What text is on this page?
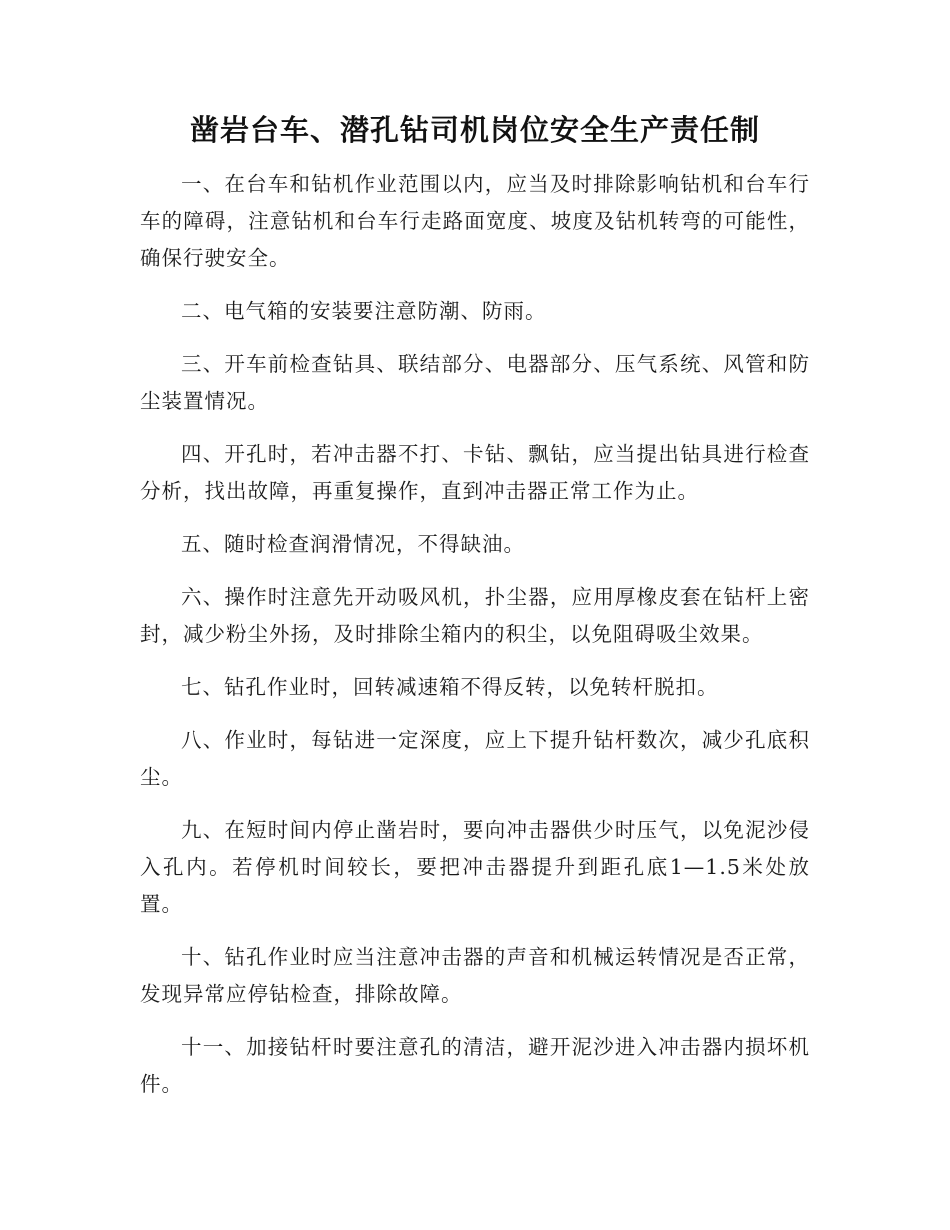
凿岩台车、潜孔钻司机岗位安全生产责任制

一、在台车和钻机作业范围以内，应当及时排除影响钻机和台车行车的障碍，注意钻机和台车行走路面宽度、坡度及钻机转弯的可能性，确保行驶安全。

二、电气箱的安装要注意防潮、防雨。

三、开车前检查钻具、联结部分、电器部分、压气系统、风管和防尘装置情况。

四、开孔时，若冲击器不打、卡钻、飘钻，应当提出钻具进行检查分析，找出故障，再重复操作，直到冲击器正常工作为止。

五、随时检查润滑情况，不得缺油。

六、操作时注意先开动吸风机，扑尘器，应用厚橡皮套在钻杆上密封，减少粉尘外扬，及时排除尘箱内的积尘，以免阻碍吸尘效果。

七、钻孔作业时，回转减速箱不得反转，以免转杆脱扣。

八、作业时，每钻进一定深度，应上下提升钻杆数次，减少孔底积尘。

九、在短时间内停止凿岩时，要向冲击器供少时压气，以免泥沙侵入孔内。若停机时间较长，要把冲击器提升到距孔底1—1.5米处放置。

十、钻孔作业时应当注意冲击器的声音和机械运转情况是否正常，发现异常应停钻检查，排除故障。

十一、加接钻杆时要注意孔的清洁，避开泥沙进入冲击器内损坏机件。
